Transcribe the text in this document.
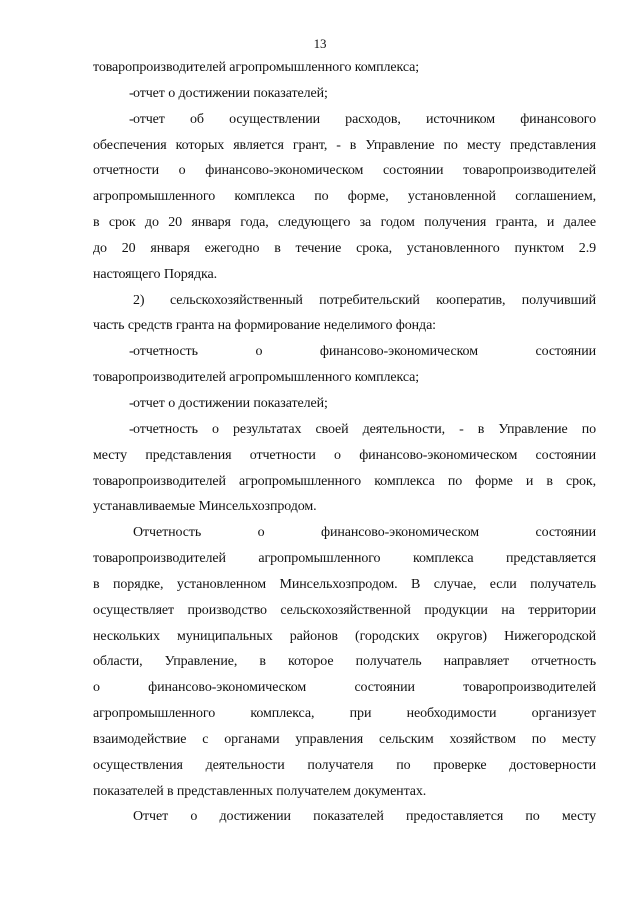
13
товаропроизводителей агропромышленного комплекса;
- отчет о достижении показателей;
- отчет об осуществлении расходов, источником финансового
обеспечения которых является грант, - в Управление по месту представления
отчетности о финансово-экономическом состоянии товаропроизводителей
агропромышленного комплекса по форме, установленной соглашением,
в срок до 20 января года, следующего за годом получения гранта, и далее
до 20 января ежегодно в течение срока, установленного пунктом 2.9
настоящего Порядка.
2)	сельскохозяйственный потребительский кооператив, получивший
часть средств гранта на формирование неделимого фонда:
- отчетность о финансово-экономическом состоянии
товаропроизводителей агропромышленного комплекса;
- отчет о достижении показателей;
- отчетность о результатах своей деятельности, - в Управление по
месту представления отчетности о финансово-экономическом состоянии
товаропроизводителей агропромышленного комплекса по форме и в срок,
устанавливаемые Минсельхозпродом.
Отчетность о финансово-экономическом состоянии
товаропроизводителей агропромышленного комплекса представляется
в порядке, установленном Минсельхозпродом. В случае, если получатель
осуществляет производство сельскохозяйственной продукции на территории
нескольких муниципальных районов (городских округов) Нижегородской
области, Управление, в которое получатель направляет отчетность
о финансово-экономическом состоянии товаропроизводителей
агропромышленного комплекса, при необходимости организует
взаимодействие с органами управления сельским хозяйством по месту
осуществления деятельности получателя по проверке достоверности
показателей в представленных получателем документах.
Отчет о достижении показателей предоставляется по месту
